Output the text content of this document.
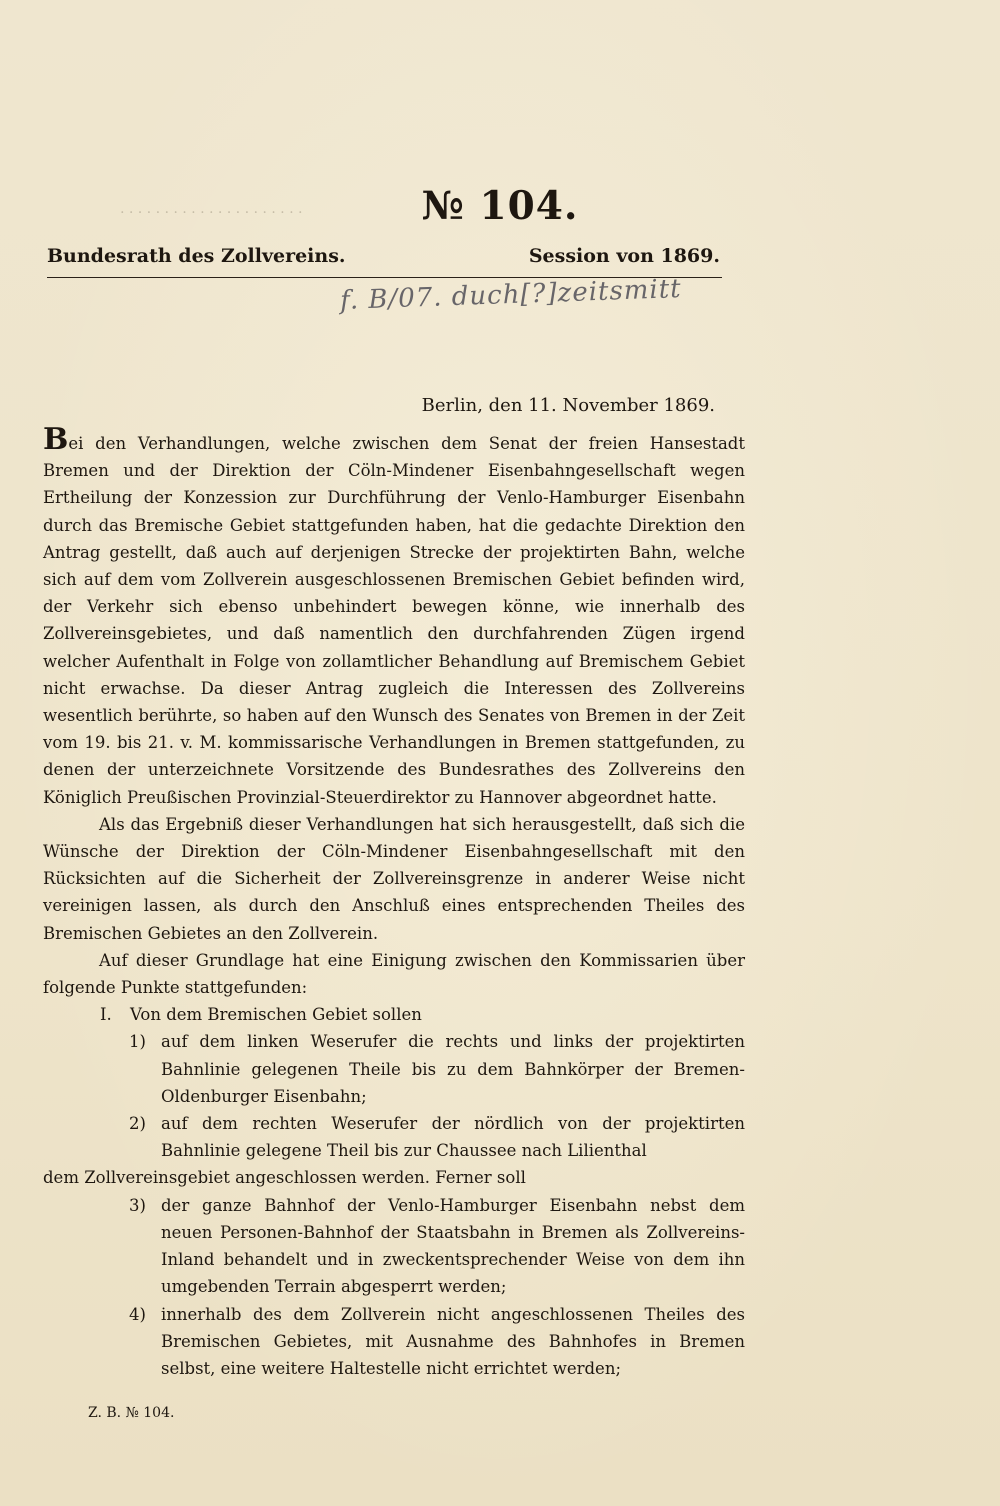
· · · · · · · · · · · · · · · · · · · · ·	№ 104.
Bundesrath des Zollvereins.	Session von 1869.
f. B/07. duch[?]zeitsmitt
Berlin, den 11. November 1869.

Bei den Verhandlungen, welche zwischen dem Senat der freien Hansestadt Bremen und der Direktion der Cöln-Mindener Eisenbahngesellschaft wegen Ertheilung der Konzession zur Durchführung der Venlo-Hamburger Eisenbahn durch das Bremische Gebiet stattgefunden haben, hat die gedachte Direktion den Antrag gestellt, daß auch auf derjenigen Strecke der projektirten Bahn, welche sich auf dem vom Zollverein ausgeschlossenen Bremischen Gebiet befinden wird, der Verkehr sich ebenso unbehindert bewegen könne, wie innerhalb des Zollvereinsgebietes, und daß namentlich den durchfahrenden Zügen irgend welcher Aufenthalt in Folge von zollamtlicher Behandlung auf Bremischem Gebiet nicht erwachse. Da dieser Antrag zugleich die Interessen des Zollvereins wesentlich berührte, so haben auf den Wunsch des Senates von Bremen in der Zeit vom 19. bis 21. v. M. kommissarische Verhandlungen in Bremen stattgefunden, zu denen der unterzeichnete Vorsitzende des Bundesrathes des Zollvereins den Königlich Preußischen Provinzial-Steuerdirektor zu Hannover abgeordnet hatte.

Als das Ergebniß dieser Verhandlungen hat sich herausgestellt, daß sich die Wünsche der Direktion der Cöln-Mindener Eisenbahngesellschaft mit den Rücksichten auf die Sicherheit der Zollvereinsgrenze in anderer Weise nicht vereinigen lassen, als durch den Anschluß eines entsprechenden Theiles des Bremischen Gebietes an den Zollverein.

Auf dieser Grundlage hat eine Einigung zwischen den Kommissarien über folgende Punkte stattgefunden:

I.	Von dem Bremischen Gebiet sollen
1) auf dem linken Weserufer die rechts und links der projektirten Bahnlinie gelegenen Theile bis zu dem Bahnkörper der Bremen-Oldenburger Eisenbahn;
2) auf dem rechten Weserufer der nördlich von der projektirten Bahnlinie gelegene Theil bis zur Chaussee nach Lilienthal

dem Zollvereinsgebiet angeschlossen werden. Ferner soll

3) der ganze Bahnhof der Venlo-Hamburger Eisenbahn nebst dem neuen Personen-Bahnhof der Staatsbahn in Bremen als Zollvereins-Inland behandelt und in zweckentsprechender Weise von dem ihn umgebenden Terrain abgesperrt werden;
4) innerhalb des dem Zollverein nicht angeschlossenen Theiles des Bremischen Gebietes, mit Ausnahme des Bahnhofes in Bremen selbst, eine weitere Haltestelle nicht errichtet werden;
Z. B. № 104.
